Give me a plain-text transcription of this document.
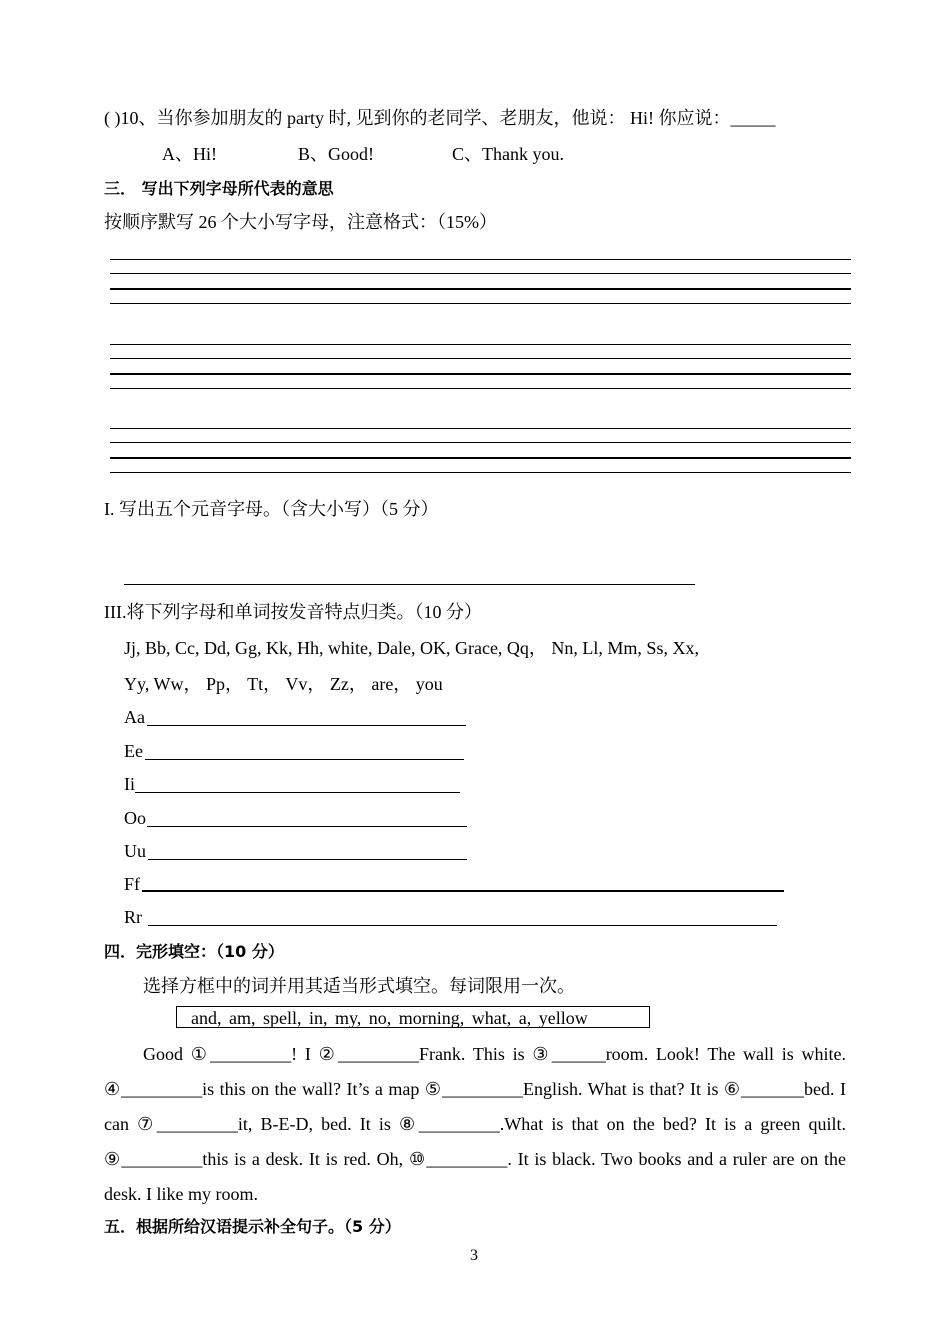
( )10、当你参加朋友的 party 时, 见到你的老同学、老朋友，他说： Hi! 你应说：_____
A、Hi!	B、Good!	C、Thank you.
三． 写出下列字母所代表的意思
按顺序默写 26 个大小写字母，注意格式：（15%）
I. 写出五个元音字母。（含大小写）（5 分）
III.将下列字母和单词按发音特点归类。（10 分）
Jj, Bb, Cc, Dd, Gg, Kk, Hh, white, Dale, OK, Grace, Qq， Nn, Ll, Mm, Ss, Xx,
Yy, Ww， Pp， Tt， Vv， Zz， are， you
Aa
Ee
Ii
Oo
Uu
Ff
Rr
四．完形填空：（10 分）
选择方框中的词并用其适当形式填空。每词限用一次。
and, am, spell, in, my, no, morning, what, a, yellow
Good ①_________! I ②_________Frank. This is ③______room. Look! The wall is white. ④_________is this on the wall? It’s a map ⑤_________English. What is that? It is ⑥_______bed. I can ⑦_________it, B-E-D, bed. It is ⑧_________.What is that on the bed? It is a green quilt. ⑨_________this is a desk. It is red. Oh, ⑩_________. It is black. Two books and a ruler are on the desk. I like my room.
五．根据所给汉语提示补全句子。（5 分）
3
